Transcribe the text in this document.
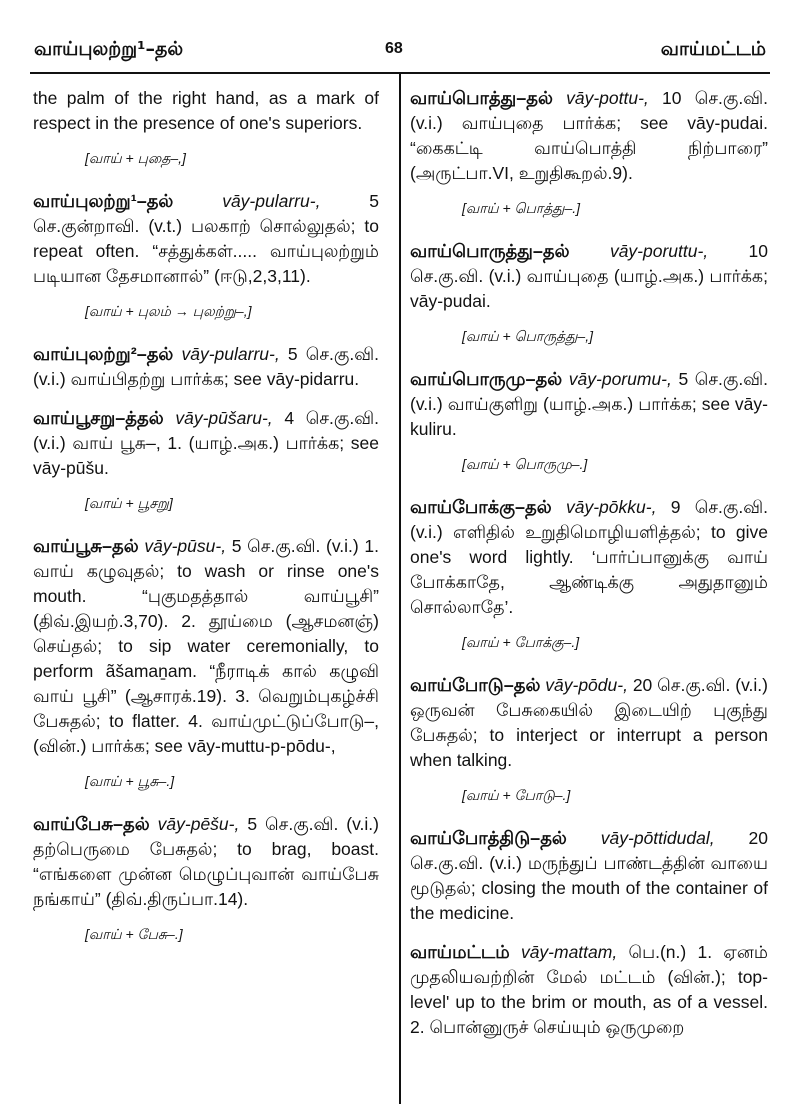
வாய்புலற்று¹–தல்	68	வாய்மட்டம்
the palm of the right hand, as a mark of respect in the presence of one's superiors.
[வாய் + புதை–,]
வாய்புலற்று¹–தல்	vāy-pularru-,	5 செ.குன்றாவி. (v.t.) பலகாற் சொல்லுதல்; to repeat often. “சத்துக்கள்..... வாய்புலற்றும் படியான தேசமானால்” (ஈடு,2,3,11).
[வாய் + புலம் → புலற்று–,]
வாய்புலற்று²–தல் vāy-pularru-, 5 செ.கு.வி. (v.i.) வாய்பிதற்று பார்க்க; see vāy-pidarru.
வாய்பூசறு–த்தல் vāy-pūšaru-, 4 செ.கு.வி. (v.i.) வாய் பூசு–, 1. (யாழ்.அக.) பார்க்க; see vāy-pūšu.
[வாய் + பூசறு]
வாய்பூசு–தல் vāy-pūsu-, 5 செ.கு.வி. (v.i.) 1. வாய் கழுவுதல்; to wash or rinse one's mouth. “புகுமதத்தால் வாய்பூசி” (திவ்.இயற்.3,70). 2. தூய்மை (ஆசமனஞ்) செய்தல்; to sip water ceremonially, to perform ãšamaṉam. “நீராடிக் கால் கழுவி வாய் பூசி” (ஆசாரக்.19). 3. வெறும்புகழ்ச்சி பேசுதல்; to flatter. 4. வாய்முட்டுப்போடு–, (வின்.) பார்க்க; see vāy-muttu-p-pōdu-,
[வாய் + பூசு–.]
வாய்பேசு–தல் vāy-pēšu-, 5 செ.கு.வி. (v.i.) தற்பெருமை பேசுதல்; to brag, boast. “எங்களை முன்ன மெழுப்புவான் வாய்பேசு நங்காய்” (திவ்.திருப்பா.14).
[வாய் + பேசு–.]
வாய்பொத்து–தல் vāy-pottu-, 10 செ.கு.வி. (v.i.) வாய்புதை பார்க்க; see vāy-pudai. “கைகட்டி வாய்பொத்தி நிற்பாரை” (அருட்பா.VI, உறுதிகூறல்.9).
[வாய் + பொத்து–.]
வாய்பொருத்து–தல் vāy-poruttu-, 10 செ.கு.வி. (v.i.) வாய்புதை (யாழ்.அக.) பார்க்க; vāy-pudai.
[வாய் + பொருத்து–,]
வாய்பொருமு–தல் vāy-porumu-, 5 செ.கு.வி. (v.i.) வாய்குளிறு (யாழ்.அக.) பார்க்க; see vāy-kuliru.
[வாய் + பொருமு–.]
வாய்போக்கு–தல் vāy-pōkku-, 9 செ.கு.வி. (v.i.) எளிதில் உறுதிமொழியளித்தல்; to give one's word lightly. ‘பார்ப்பானுக்கு வாய் போக்காதே, ஆண்டிக்கு அதுதானும் சொல்லாதே’.
[வாய் + போக்கு–.]
வாய்போடு–தல் vāy-pōdu-, 20 செ.கு.வி. (v.i.) ஒருவன் பேசுகையில் இடையிற் புகுந்து பேசுதல்; to interject or interrupt a person when talking.
[வாய் + போடு–.]
வாய்போத்திடு–தல் vāy-pōttidudal, 20 செ.கு.வி. (v.i.) மருந்துப் பாண்டத்தின் வாயை மூடுதல்; closing the mouth of the container of the medicine.
வாய்மட்டம் vāy-mattam, பெ.(n.) 1. ஏனம் முதலியவற்றின் மேல் மட்டம் (வின்.); top-level' up to the brim or mouth, as of a vessel. 2. பொன்னுருச் செய்யும் ஒருமுறை
